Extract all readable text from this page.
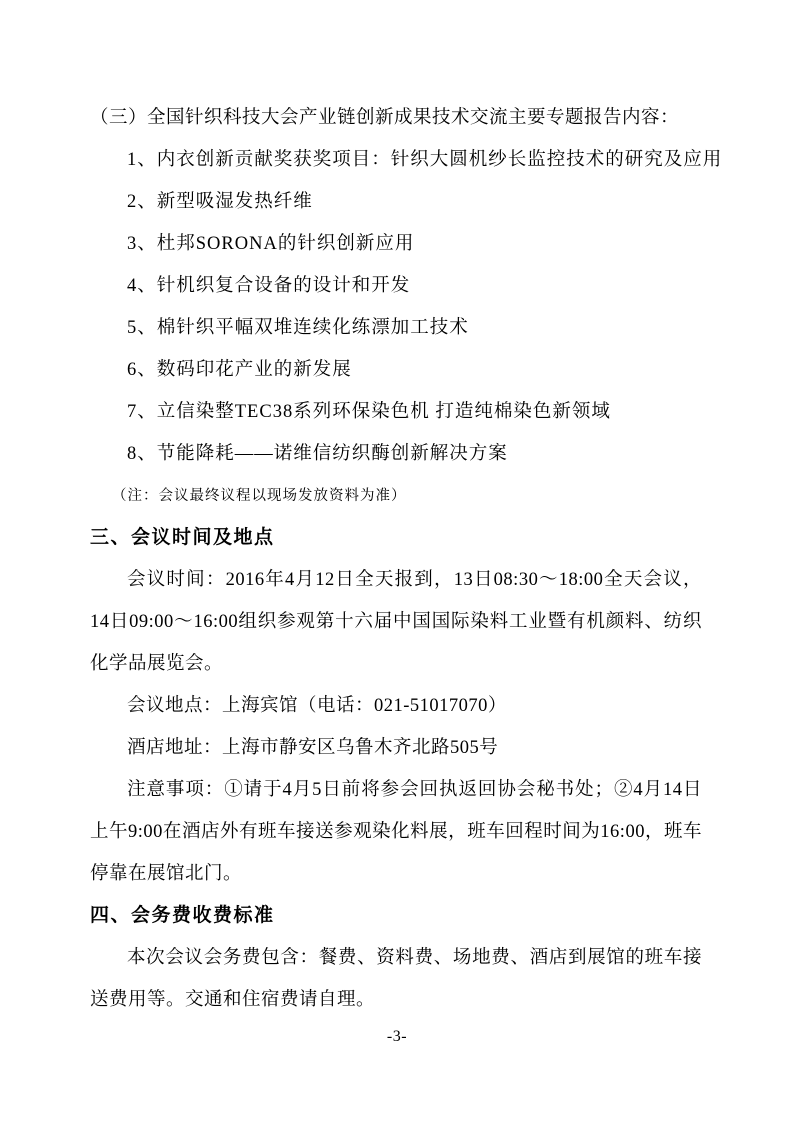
（三）全国针织科技大会产业链创新成果技术交流主要专题报告内容：
1、内衣创新贡献奖获奖项目：针织大圆机纱长监控技术的研究及应用
2、新型吸湿发热纤维
3、杜邦SORONA的针织创新应用
4、针机织复合设备的设计和开发
5、棉针织平幅双堆连续化练漂加工技术
6、数码印花产业的新发展
7、立信染整TEC38系列环保染色机 打造纯棉染色新领域
8、节能降耗——诺维信纺织酶创新解决方案
（注：会议最终议程以现场发放资料为准）
三、会议时间及地点

会议时间：2016年4月12日全天报到，13日08:30～18:00全天会议，14日09:00～16:00组织参观第十六届中国国际染料工业暨有机颜料、纺织化学品展览会。

会议地点：上海宾馆（电话：021-51017070）

酒店地址：上海市静安区乌鲁木齐北路505号

注意事项：①请于4月5日前将参会回执返回协会秘书处；②4月14日上午9:00在酒店外有班车接送参观染化料展，班车回程时间为16:00，班车停靠在展馆北门。

四、会务费收费标准

本次会议会务费包含：餐费、资料费、场地费、酒店到展馆的班车接送费用等。交通和住宿费请自理。

-3-
